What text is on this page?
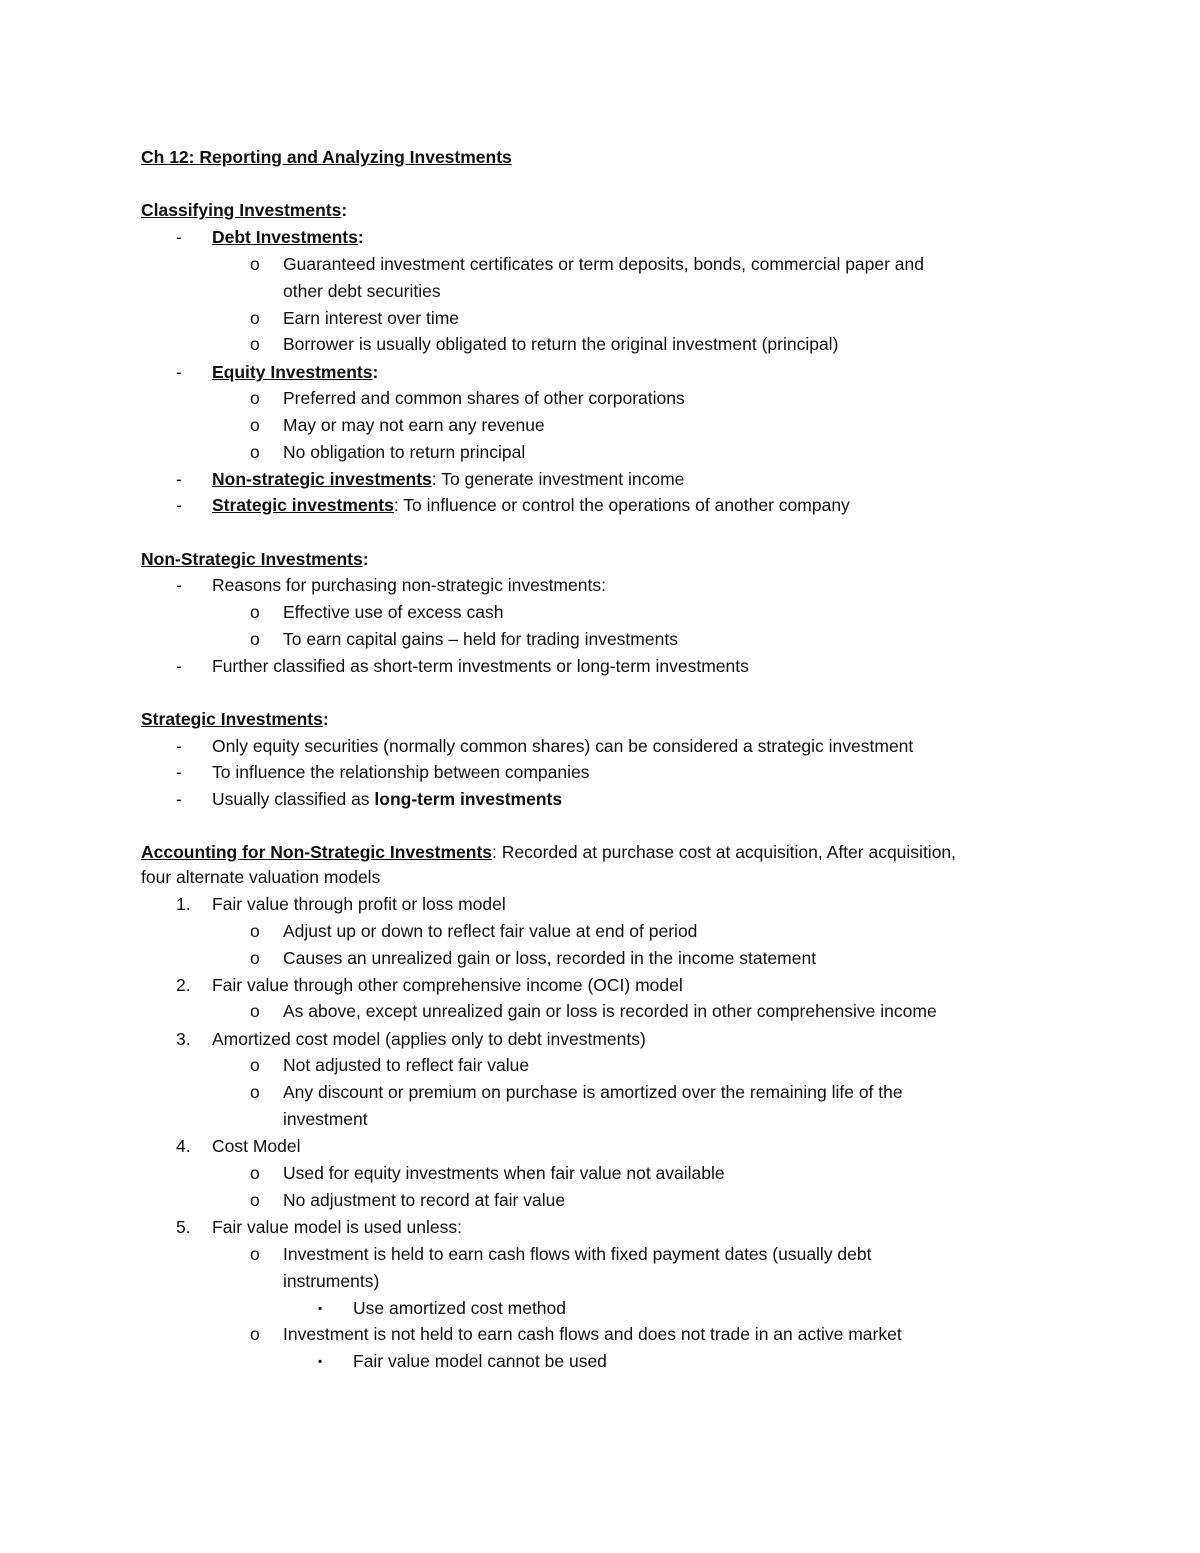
Ch 12: Reporting and Analyzing Investments
Classifying Investments:
- Debt Investments:
o Guaranteed investment certificates or term deposits, bonds, commercial paper and
other debt securities
o Earn interest over time
o Borrower is usually obligated to return the original investment (principal)
- Equity Investments:
o Preferred and common shares of other corporations
o May or may not earn any revenue
o No obligation to return principal
- Non-strategic investments: To generate investment income
- Strategic investments: To influence or control the operations of another company
Non-Strategic Investments:
- Reasons for purchasing non-strategic investments:
o Effective use of excess cash
o To earn capital gains – held for trading investments
- Further classified as short-term investments or long-term investments
Strategic Investments:
- Only equity securities (normally common shares) can be considered a strategic investment
- To influence the relationship between companies
- Usually classified as long-term investments
Accounting for Non-Strategic Investments: Recorded at purchase cost at acquisition, After acquisition,
four alternate valuation models
1. Fair value through profit or loss model
o Adjust up or down to reflect fair value at end of period
o Causes an unrealized gain or loss, recorded in the income statement
2. Fair value through other comprehensive income (OCI) model
o As above, except unrealized gain or loss is recorded in other comprehensive income
3. Amortized cost model (applies only to debt investments)
o Not adjusted to reflect fair value
o Any discount or premium on purchase is amortized over the remaining life of the
investment
4. Cost Model
o Used for equity investments when fair value not available
o No adjustment to record at fair value
5. Fair value model is used unless:
o Investment is held to earn cash flows with fixed payment dates (usually debt
instruments)
▪ Use amortized cost method
o Investment is not held to earn cash flows and does not trade in an active market
▪ Fair value model cannot be used
